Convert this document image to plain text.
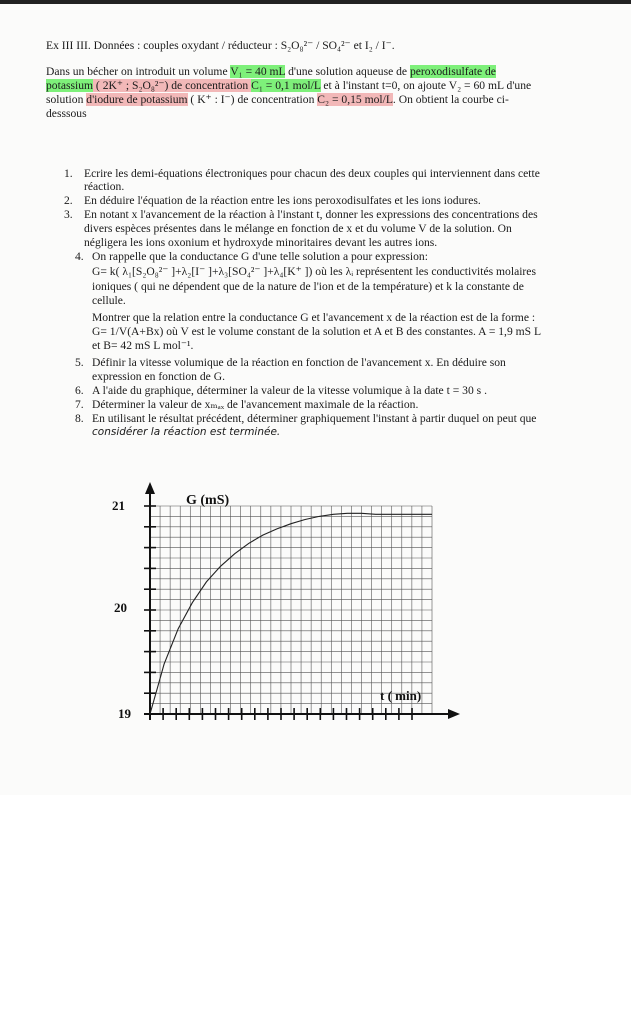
Ex III III. Données : couples oxydant / réducteur : S₂O₈²⁻ / SO₄²⁻ et I₂ / I⁻.
Dans un bécher on introduit un volume V₁ = 40 mL d'une solution aqueuse de peroxodisulfate de
potassium ( 2K⁺ ; S₂O₈²⁻) de concentration C₁ = 0,1 mol/L et à l'instant t=0, on ajoute V₂ = 60 mL d'une
solution d'iodure de potassium ( K⁺ : I⁻) de concentration C₂ = 0,15 mol/L. On obtient la courbe ci-
desssous
1. Ecrire les demi-équations électroniques pour chacun des deux couples qui interviennent dans cette
réaction.
2. En déduire l'équation de la réaction entre les ions peroxodisulfates et les ions iodures.
3. En notant x l'avancement de la réaction à l'instant t, donner les expressions des concentrations des
divers espèces présentes dans le mélange en fonction de x et du volume V de la solution. On
négligera les ions oxonium et hydroxyde minoritaires devant les autres ions.
4. On rappelle que la conductance G d'une telle solution a pour expression:
G= k( λ₁[S₂O₈²⁻ ]+λ₂[I⁻ ]+λ₃[SO₄²⁻ ]+λ₄[K⁺ ]) où les λᵢ représentent les conductivités molaires
ioniques ( qui ne dépendent que de la nature de l'ion et de la température) et k la constante de
cellule.
Montrer que la relation entre la conductance G et l'avancement x de la réaction est de la forme :
G= 1/V(A+Bx) où V est le volume constant de la solution et A et B des constantes. A = 1,9 mS L
et B= 42 mS L mol⁻¹.
5. Définir la vitesse volumique de la réaction en fonction de l'avancement x. En déduire son
expression en fonction de G.
6. A l'aide du graphique, déterminer la valeur de la vitesse volumique à la date t = 30 s .
7. Déterminer la valeur de xₘₐₓ de l'avancement maximale de la réaction.
8. En utilisant le résultat précédent, déterminer graphiquement l'instant à partir duquel on peut que
considérer la réaction est terminée.
G (mS)
t ( min)
21
20
19
